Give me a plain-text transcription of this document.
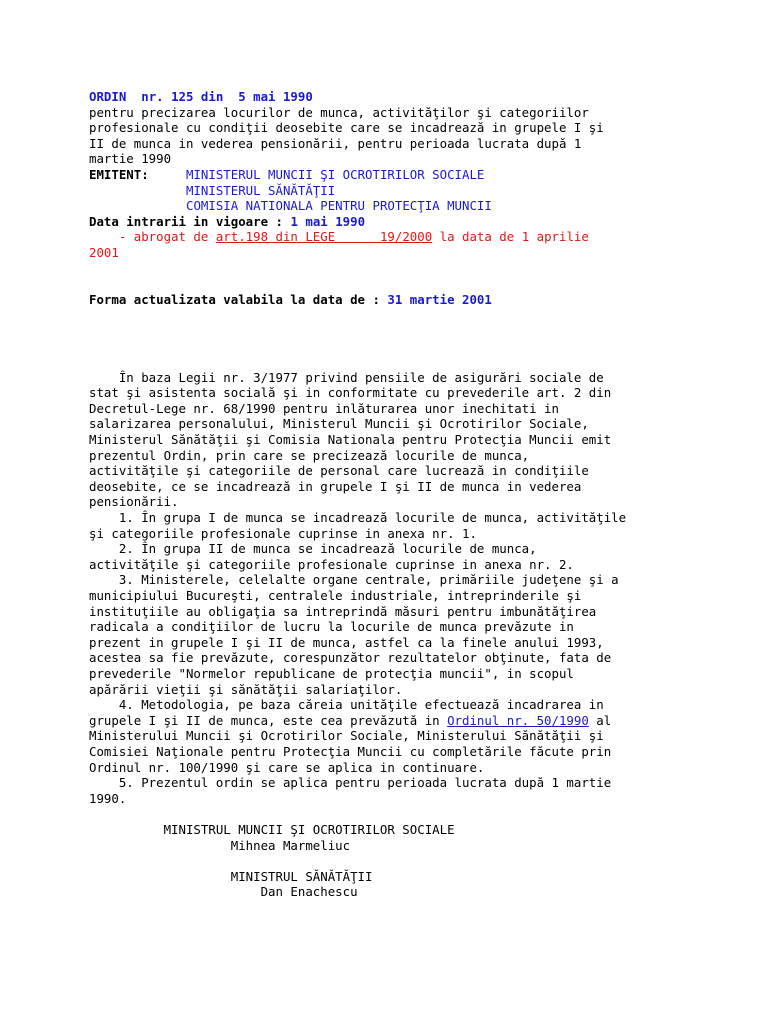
ORDIN nr. 125 din  5 mai 1990
pentru precizarea locurilor de munca, activităţilor şi categoriilor
profesionale cu condiţii deosebite care se incadrează in grupele I şi
II de munca in vederea pensionării, pentru perioada lucrata după 1
martie 1990
EMITENT:	MINISTERUL MUNCII ŞI OCROTIRILOR SOCIALE
MINISTERUL SĂNĂTĂŢII
COMISIA NATIONALA PENTRU PROTECŢIA MUNCII
Data intrarii in vigoare : 1 mai 1990
- abrogat de art.198 din LEGE      19/2000 la data de 1 aprilie
2001
Forma actualizata valabila la data de : 31 martie 2001
În baza Legii nr. 3/1977 privind pensiile de asigurări sociale de
stat şi asistenta socială şi in conformitate cu prevederile art. 2 din
Decretul-Lege nr. 68/1990 pentru inlăturarea unor inechitati in
salarizarea personalului, Ministerul Muncii şi Ocrotirilor Sociale,
Ministerul Sănătăţii şi Comisia Nationala pentru Protecţia Muncii emit
prezentul Ordin, prin care se precizează locurile de munca,
activităţile şi categoriile de personal care lucrează in condiţiile
deosebite, ce se incadrează in grupele I şi II de munca in vederea
pensionării.
1. În grupa I de munca se incadrează locurile de munca, activităţile
şi categoriile profesionale cuprinse in anexa nr. 1.
2. În grupa II de munca se incadrează locurile de munca,
activităţile şi categoriile profesionale cuprinse in anexa nr. 2.
3. Ministerele, celelalte organe centrale, primăriile judeţene şi a
municipiului Bucureşti, centralele industriale, intreprinderile şi
instituţiile au obligaţia sa intreprindă măsuri pentru imbunătăţirea
radicala a condiţiilor de lucru la locurile de munca prevăzute in
prezent in grupele I şi II de munca, astfel ca la finele anului 1993,
acestea sa fie prevăzute, corespunzător rezultatelor obţinute, fata de
prevederile "Normelor republicane de protecţia muncii", in scopul
apărării vieţii şi sănătăţii salariaţilor.
4. Metodologia, pe baza căreia unităţile efectuează incadrarea in
grupele I şi II de munca, este cea prevăzută in Ordinul nr. 50/1990 al
Ministerului Muncii şi Ocrotirilor Sociale, Ministerului Sănătăţii şi
Comisiei Naţionale pentru Protecţia Muncii cu completările făcute prin
Ordinul nr. 100/1990 şi care se aplica in continuare.
5. Prezentul ordin se aplica pentru perioada lucrata după 1 martie
1990.
MINISTRUL MUNCII ŞI OCROTIRILOR SOCIALE
Mihnea Marmeliuc
MINISTRUL SĂNĂTĂŢII
Dan Enachescu
